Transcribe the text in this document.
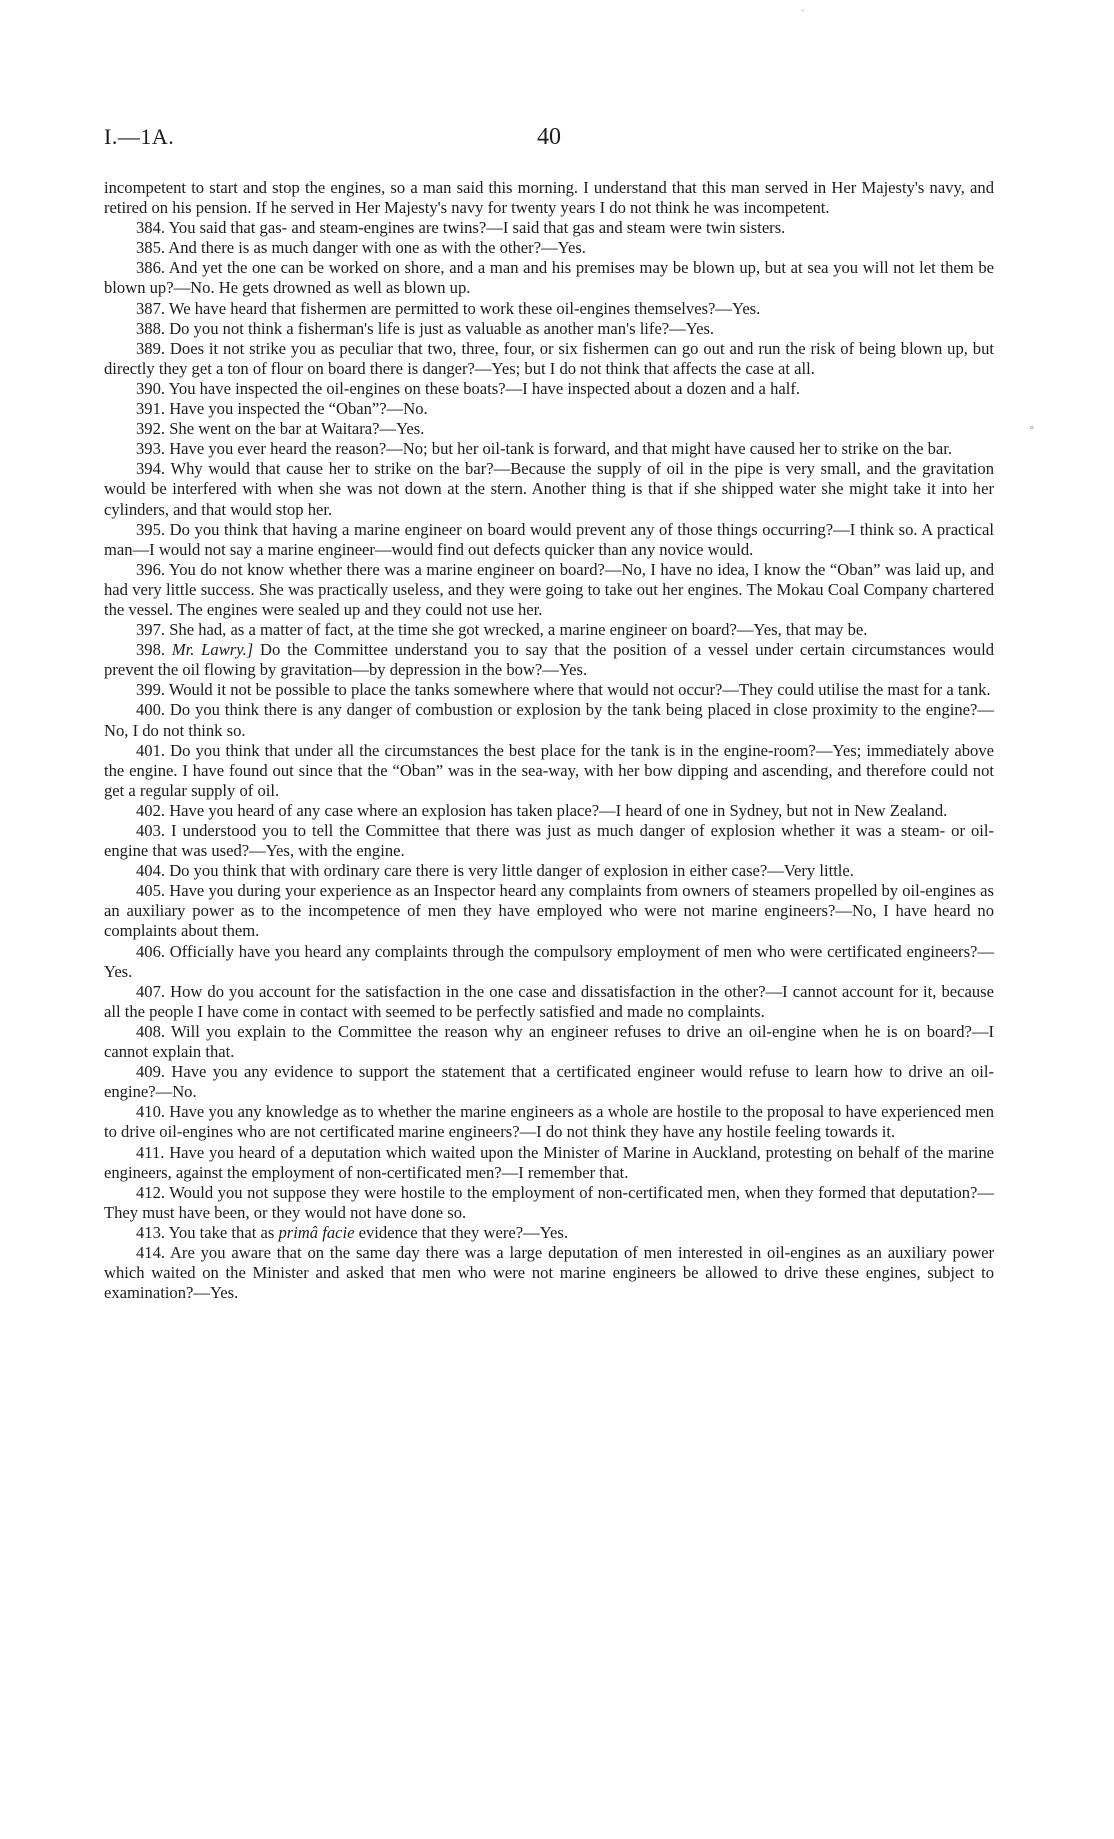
I.—1A.	40

incompetent to start and stop the engines, so a man said this morning. I understand that this man served in Her Majesty's navy, and retired on his pension. If he served in Her Majesty's navy for twenty years I do not think he was incompetent.

384. You said that gas- and steam-engines are twins?—I said that gas and steam were twin sisters.

385. And there is as much danger with one as with the other?—Yes.

386. And yet the one can be worked on shore, and a man and his premises may be blown up, but at sea you will not let them be blown up?—No. He gets drowned as well as blown up.

387. We have heard that fishermen are permitted to work these oil-engines themselves?—Yes.

388. Do you not think a fisherman's life is just as valuable as another man's life?—Yes.

389. Does it not strike you as peculiar that two, three, four, or six fishermen can go out and run the risk of being blown up, but directly they get a ton of flour on board there is danger?—Yes; but I do not think that affects the case at all.

390. You have inspected the oil-engines on these boats?—I have inspected about a dozen and a half.

391. Have you inspected the “Oban”?—No.

392. She went on the bar at Waitara?—Yes.

393. Have you ever heard the reason?—No; but her oil-tank is forward, and that might have caused her to strike on the bar.

394. Why would that cause her to strike on the bar?—Because the supply of oil in the pipe is very small, and the gravitation would be interfered with when she was not down at the stern. Another thing is that if she shipped water she might take it into her cylinders, and that would stop her.

395. Do you think that having a marine engineer on board would prevent any of those things occurring?—I think so. A practical man—I would not say a marine engineer—would find out defects quicker than any novice would.

396. You do not know whether there was a marine engineer on board?—No, I have no idea, I know the “Oban” was laid up, and had very little success. She was practically useless, and they were going to take out her engines. The Mokau Coal Company chartered the vessel. The engines were sealed up and they could not use her.

397. She had, as a matter of fact, at the time she got wrecked, a marine engineer on board?—Yes, that may be.

398. Mr. Lawry.] Do the Committee understand you to say that the position of a vessel under certain circumstances would prevent the oil flowing by gravitation—by depression in the bow?—Yes.

399. Would it not be possible to place the tanks somewhere where that would not occur?—They could utilise the mast for a tank.

400. Do you think there is any danger of combustion or explosion by the tank being placed in close proximity to the engine?—No, I do not think so.

401. Do you think that under all the circumstances the best place for the tank is in the engine-room?—Yes; immediately above the engine. I have found out since that the “Oban” was in the sea-way, with her bow dipping and ascending, and therefore could not get a regular supply of oil.

402. Have you heard of any case where an explosion has taken place?—I heard of one in Sydney, but not in New Zealand.

403. I understood you to tell the Committee that there was just as much danger of explosion whether it was a steam- or oil-engine that was used?—Yes, with the engine.

404. Do you think that with ordinary care there is very little danger of explosion in either case?—Very little.

405. Have you during your experience as an Inspector heard any complaints from owners of steamers propelled by oil-engines as an auxiliary power as to the incompetence of men they have employed who were not marine engineers?—No, I have heard no complaints about them.

406. Officially have you heard any complaints through the compulsory employment of men who were certificated engineers?—Yes.

407. How do you account for the satisfaction in the one case and dissatisfaction in the other?—I cannot account for it, because all the people I have come in contact with seemed to be perfectly satisfied and made no complaints.

408. Will you explain to the Committee the reason why an engineer refuses to drive an oil-engine when he is on board?—I cannot explain that.

409. Have you any evidence to support the statement that a certificated engineer would refuse to learn how to drive an oil-engine?—No.

410. Have you any knowledge as to whether the marine engineers as a whole are hostile to the proposal to have experienced men to drive oil-engines who are not certificated marine engineers?—I do not think they have any hostile feeling towards it.

411. Have you heard of a deputation which waited upon the Minister of Marine in Auckland, protesting on behalf of the marine engineers, against the employment of non-certificated men?—I remember that.

412. Would you not suppose they were hostile to the employment of non-certificated men, when they formed that deputation?—They must have been, or they would not have done so.

413. You take that as primâ facie evidence that they were?—Yes.

414. Are you aware that on the same day there was a large deputation of men interested in oil-engines as an auxiliary power which waited on the Minister and asked that men who were not marine engineers be allowed to drive these engines, subject to examination?—Yes.

°
·
